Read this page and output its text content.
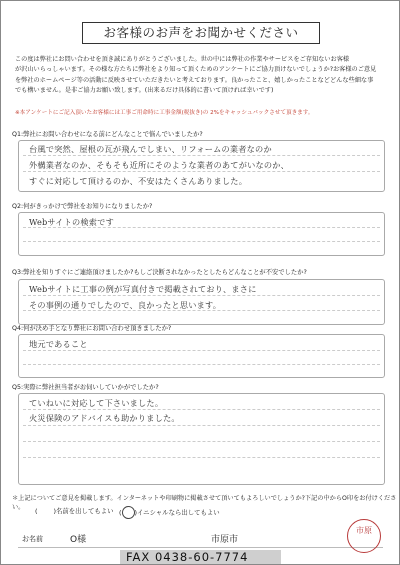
お客様のお声をお聞かせください
この度は弊社にお問い合わせを頂き誠にありがとうございました。世の中には弊社の作業やサービスをご存知ないお客様
が沢山いらっしゃいます。その様な方たちに弊社をより知って頂くためのアンケートにご協力頂けないでしょうか?お客様のご意見
を弊社のホームページ等の活動に反映させていただきたいと考えております。良かったこと、嬉しかったことなどどんな些細な事
でも構いません。是非ご協力お願い致します。(出来るだけ具体的に書いて頂ければ幸いです)
※本アンケートにご記入頂いたお客様には工事ご用命時に工事金額(税抜き)の 2%をキャッシュバックさせて頂きます。
Q1:弊社にお問い合わせになる前にどんなことで悩んでいましたか?
台風で突然、屋根の瓦が飛んでしまい、リフォームの業者なのか
外構業者なのか、そもそも近所にそのような業者のあてがいなのか、
すぐに対応して頂けるのか、不安はたくさんありました。
Q2:何がきっかけで弊社をお知りになりましたか?
Webサイトの検索です
Q3:弊社を知りすぐにご連絡頂けましたか?もしご決断されなかったとしたらどんなことが不安でしたか?
Webサイトに工事の例が写真付きで掲載されており、まさに
その事例の通りでしたので、良かったと思います。
Q4:何が決め手となり弊社にお問い合わせ頂きましたか?
地元であること
Q5:実際に弊社担当者がお伺いしていかがでしたか?
ていねいに対応して下さいました。
火災保険のアドバイスも助かりました。
＊上記についてご意見を掲載します。インターネットや印刷物に掲載させて頂いてもよろしいでしょうか?下記の中からO印をお付けください。	(	)名前を出してもよい ( )イニシャルなら出してもよい
お名前	O様	市原市
市原
FAX 0438-60-7774
